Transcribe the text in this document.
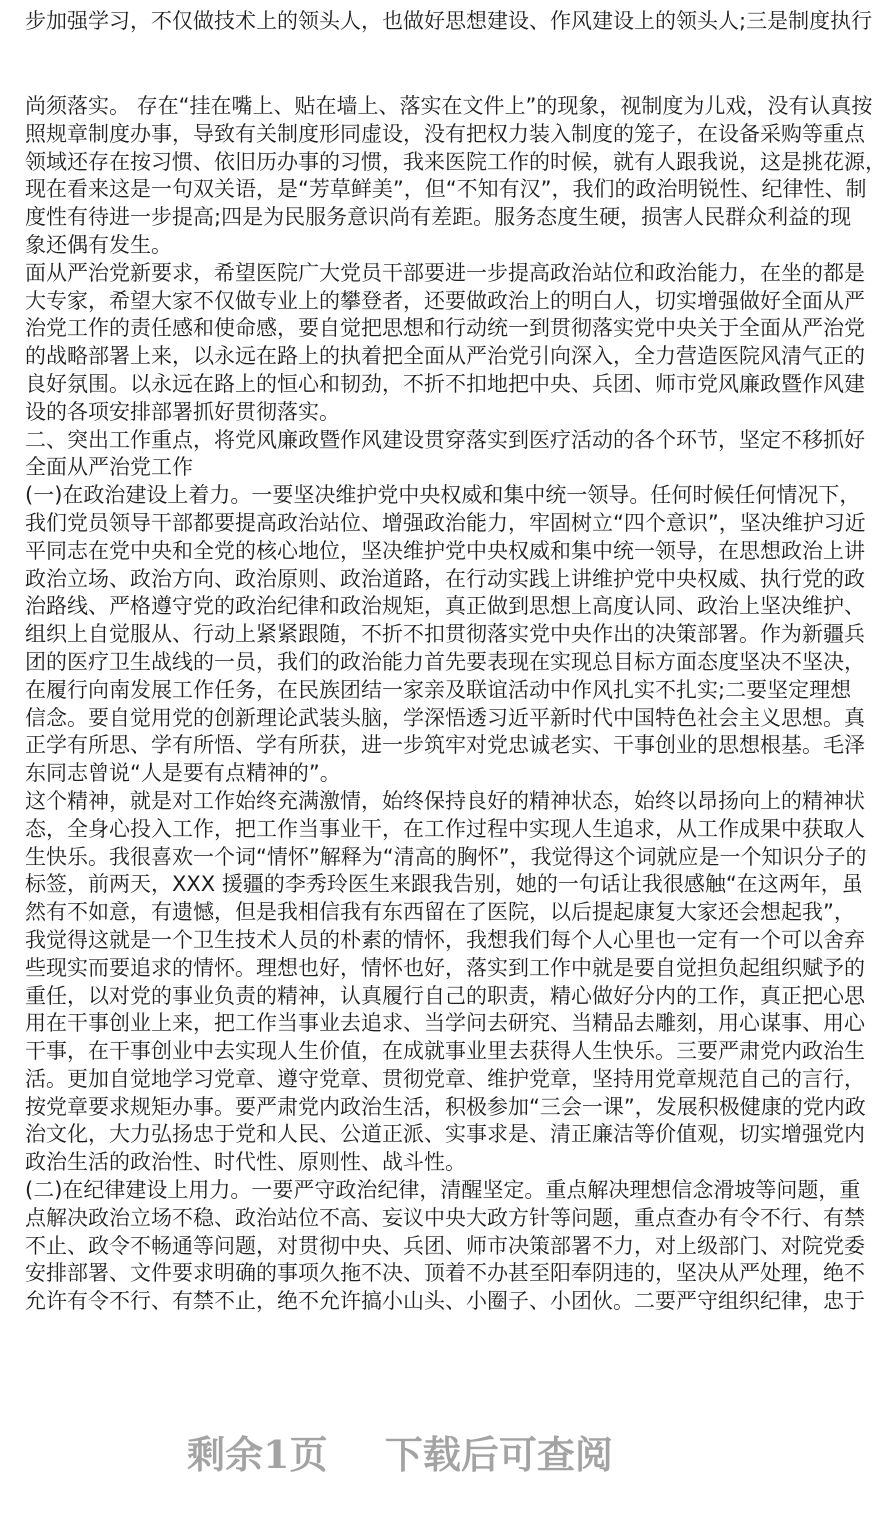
步加强学习，不仅做技术上的领头人，也做好思想建设、作风建设上的领头人;三是制度执行
尚须落实。 存在“挂在嘴上、贴在墙上、落实在文件上”的现象，视制度为儿戏，没有认真按
照规章制度办事，导致有关制度形同虚设，没有把权力装入制度的笼子，在设备采购等重点
领域还存在按习惯、依旧历办事的习惯，我来医院工作的时候，就有人跟我说，这是挑花源，
现在看来这是一句双关语，是“芳草鲜美”，但“不知有汉”，我们的政治明锐性、纪律性、制
度性有待进一步提高;四是为民服务意识尚有差距。服务态度生硬，损害人民群众利益的现
象还偶有发生。
面从严治党新要求，希望医院广大党员干部要进一步提高政治站位和政治能力，在坐的都是
大专家，希望大家不仅做专业上的攀登者，还要做政治上的明白人，切实增强做好全面从严
治党工作的责任感和使命感，要自觉把思想和行动统一到贯彻落实党中央关于全面从严治党
的战略部署上来，以永远在路上的执着把全面从严治党引向深入，全力营造医院风清气正的
良好氛围。以永远在路上的恒心和韧劲，不折不扣地把中央、兵团、师市党风廉政暨作风建
设的各项安排部署抓好贯彻落实。
二、突出工作重点，将党风廉政暨作风建设贯穿落实到医疗活动的各个环节，坚定不移抓好
全面从严治党工作
(一)在政治建设上着力。一要坚决维护党中央权威和集中统一领导。任何时候任何情况下，
我们党员领导干部都要提高政治站位、增强政治能力，牢固树立“四个意识”，坚决维护习近
平同志在党中央和全党的核心地位，坚决维护党中央权威和集中统一领导，在思想政治上讲
政治立场、政治方向、政治原则、政治道路，在行动实践上讲维护党中央权威、执行党的政
治路线、严格遵守党的政治纪律和政治规矩，真正做到思想上高度认同、政治上坚决维护、
组织上自觉服从、行动上紧紧跟随，不折不扣贯彻落实党中央作出的决策部署。作为新疆兵
团的医疗卫生战线的一员，我们的政治能力首先要表现在实现总目标方面态度坚决不坚决，
在履行向南发展工作任务，在民族团结一家亲及联谊活动中作风扎实不扎实;二要坚定理想
信念。要自觉用党的创新理论武装头脑，学深悟透习近平新时代中国特色社会主义思想。真
正学有所思、学有所悟、学有所获，进一步筑牢对党忠诚老实、干事创业的思想根基。毛泽
东同志曾说“人是要有点精神的”。
这个精神，就是对工作始终充满激情，始终保持良好的精神状态，始终以昂扬向上的精神状
态，全身心投入工作，把工作当事业干，在工作过程中实现人生追求，从工作成果中获取人
生快乐。我很喜欢一个词“情怀”解释为“清高的胸怀”，我觉得这个词就应是一个知识分子的
标签，前两天，XXX 援疆的李秀玲医生来跟我告别，她的一句话让我很感触“在这两年，虽
然有不如意，有遗憾，但是我相信我有东西留在了医院，以后提起康复大家还会想起我”，
我觉得这就是一个卫生技术人员的朴素的情怀，我想我们每个人心里也一定有一个可以舍弃
些现实而要追求的情怀。理想也好，情怀也好，落实到工作中就是要自觉担负起组织赋予的
重任，以对党的事业负责的精神，认真履行自己的职责，精心做好分内的工作，真正把心思
用在干事创业上来，把工作当事业去追求、当学问去研究、当精品去雕刻，用心谋事、用心
干事，在干事创业中去实现人生价值，在成就事业里去获得人生快乐。三要严肃党内政治生
活。更加自觉地学习党章、遵守党章、贯彻党章、维护党章，坚持用党章规范自己的言行，
按党章要求规矩办事。要严肃党内政治生活，积极参加“三会一课”，发展积极健康的党内政
治文化，大力弘扬忠于党和人民、公道正派、实事求是、清正廉洁等价值观，切实增强党内
政治生活的政治性、时代性、原则性、战斗性。
(二)在纪律建设上用力。一要严守政治纪律，清醒坚定。重点解决理想信念滑坡等问题，重
点解决政治立场不稳、政治站位不高、妄议中央大政方针等问题，重点查办有令不行、有禁
不止、政令不畅通等问题，对贯彻中央、兵团、师市决策部署不力，对上级部门、对院党委
安排部署、文件要求明确的事项久拖不决、顶着不办甚至阳奉阴违的，坚决从严处理，绝不
允许有令不行、有禁不止，绝不允许搞小山头、小圈子、小团伙。二要严守组织纪律，忠于
剩余1页 下载后可查阅
